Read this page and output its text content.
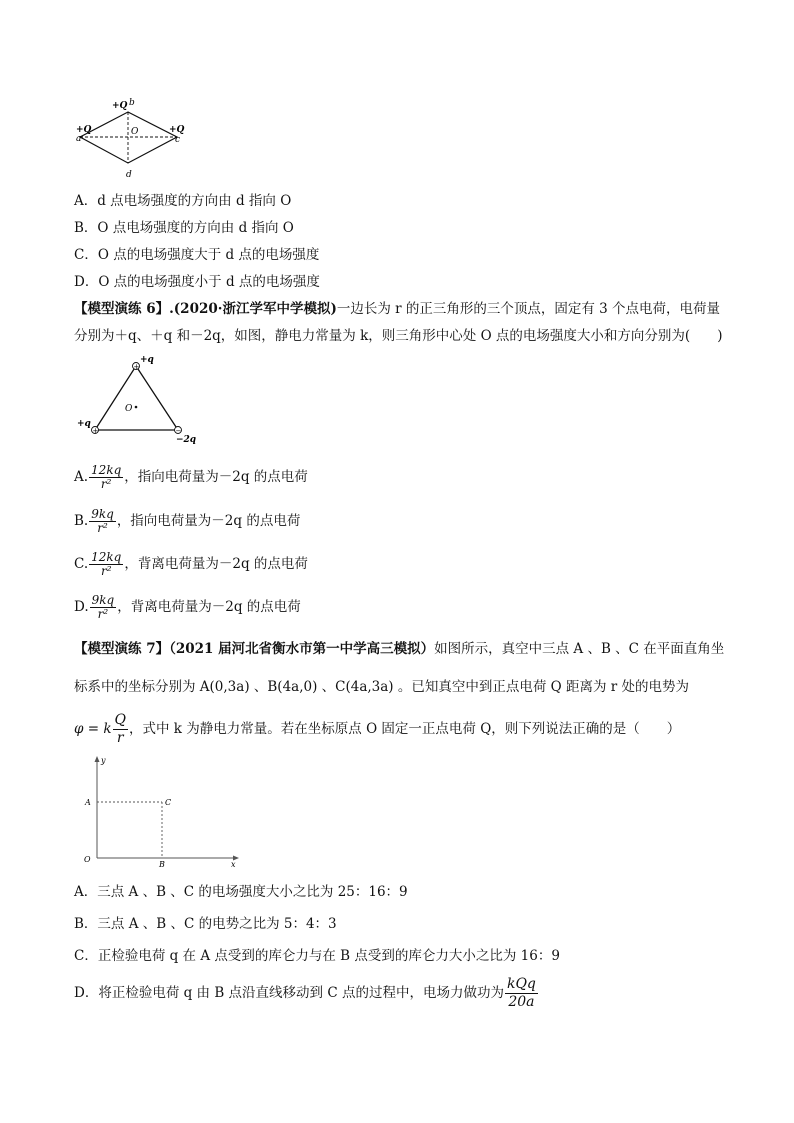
+Q b
+Q
a
+Q
c
O
d
A．d 点电场强度的方向由 d 指向 O
B．O 点电场强度的方向由 d 指向 O
C．O 点的电场强度大于 d 点的电场强度
D．O 点的电场强度小于 d 点的电场强度
【模型演练 6】.(2020·浙江学军中学模拟)一边长为 r 的正三角形的三个顶点，固定有 3 个点电荷，电荷量
分别为＋q、＋q 和－2q，如图，静电力常量为 k，则三角形中心处 O 点的电场强度大小和方向分别为(　　)
+
+	−
+q
+q
−2q
O
A. $\frac{12kq}{\text{r²}}$ ，指向电荷量为－2q 的点电荷
B. $\frac{9kq}{\text{r²}}$ ，指向电荷量为－2q 的点电荷
C. $\frac{12kq}{\text{r²}}$ ，背离电荷量为－2q 的点电荷
D. $\frac{9kq}{\text{r²}}$ ，背离电荷量为－2q 的点电荷
【模型演练 7】（2021 届河北省衡水市第一中学高三模拟）如图所示，真空中三点 A 、B 、C 在平面直角坐
标系中的坐标分别为 A(0,3a) 、B(4a,0) 、C(4a,3a) 。已知真空中到正点电荷 Q 距离为 r 处的电势为
φ = k $\frac{Q}{r}$ ，式中 k 为静电力常量。若在坐标原点 O 固定一正点电荷 Q，则下列说法正确的是（　　）
y
x
A	C
B
O
A．三点 A 、B 、C 的电场强度大小之比为 25：16：9
B．三点 A 、B 、C 的电势之比为 5：4：3
C．正检验电荷 q 在 A 点受到的库仑力与在 B 点受到的库仑力大小之比为 16：9
D．将正检验电荷 q 由 B 点沿直线移动到 C 点的过程中，电场力做功为 $\frac{\text{kQq}}{20a}$
